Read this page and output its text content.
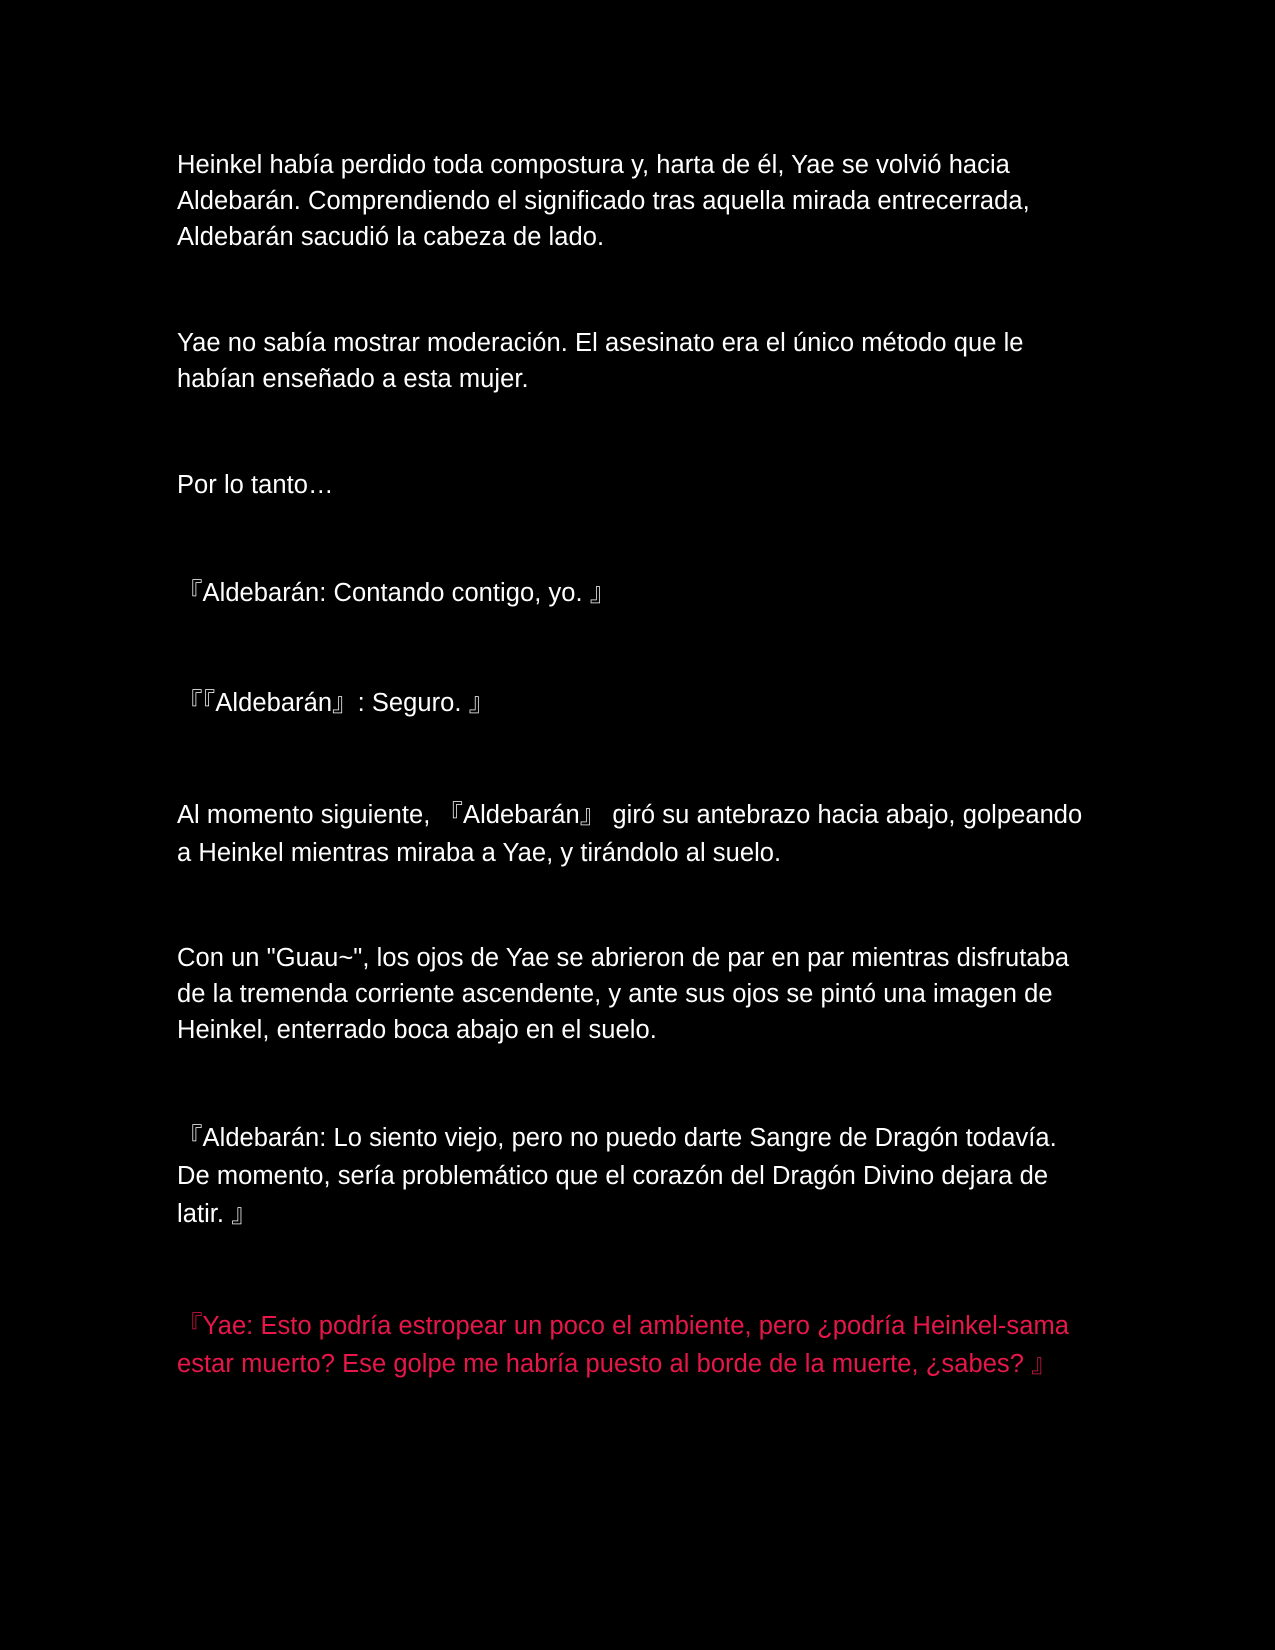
Heinkel había perdido toda compostura y, harta de él, Yae se volvió hacia Aldebarán. Comprendiendo el significado tras aquella mirada entrecerrada, Aldebarán sacudió la cabeza de lado.

Yae no sabía mostrar moderación. El asesinato era el único método que le habían enseñado a esta mujer.

Por lo tanto…

『Aldebarán: Contando contigo, yo. 』

『『Aldebarán』: Seguro. 』

Al momento siguiente, 『Aldebarán』 giró su antebrazo hacia abajo, golpeando a Heinkel mientras miraba a Yae, y tirándolo al suelo.

Con un "Guau~", los ojos de Yae se abrieron de par en par mientras disfrutaba de la tremenda corriente ascendente, y ante sus ojos se pintó una imagen de Heinkel, enterrado boca abajo en el suelo.

『Aldebarán: Lo siento viejo, pero no puedo darte Sangre de Dragón todavía. De momento, sería problemático que el corazón del Dragón Divino dejara de latir. 』

『Yae: Esto podría estropear un poco el ambiente, pero ¿podría Heinkel-sama estar muerto? Ese golpe me habría puesto al borde de la muerte, ¿sabes? 』
